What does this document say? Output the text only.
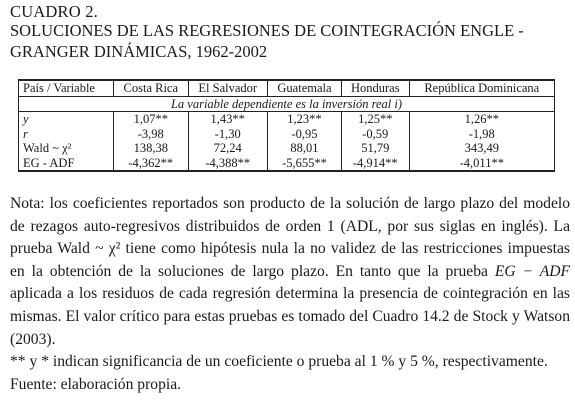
CUADRO 2.
SOLUCIONES DE LAS REGRESIONES DE COINTEGRACIÓN ENGLE - GRANGER DINÁMICAS, 1962-2002
País / Variable	Costa Rica	El Salvador	Guatemala	Honduras	República Dominicana
La variable dependiente es la inversión real i)					
y	1,07**	1,43**	1,23**	1,25**	1,26**
r	-3,98	-1,30	-0,95	-0,59	-1,98
Wald ~ χ²	138,38	72,24	88,01	51,79	343,49
EG - ADF	-4,362**	-4,388**	-5,655**	-4,914**	-4,011**

Nota: los coeficientes reportados son producto de la solución de largo plazo del modelo de rezagos auto-regresivos distribuidos de orden 1 (ADL, por sus siglas en inglés). La prueba Wald ~ χ² tiene como hipótesis nula la no validez de las restricciones impuestas en la obtención de la soluciones de largo plazo. En tanto que la prueba EG − ADF aplicada a los residuos de cada regresión determina la presencia de cointegración en las mismas. El valor crítico para estas pruebas es tomado del Cuadro 14.2 de Stock y Watson (2003).

** y * indican significancia de un coeficiente o prueba al 1 % y 5 %, respectivamente.

Fuente: elaboración propia.
